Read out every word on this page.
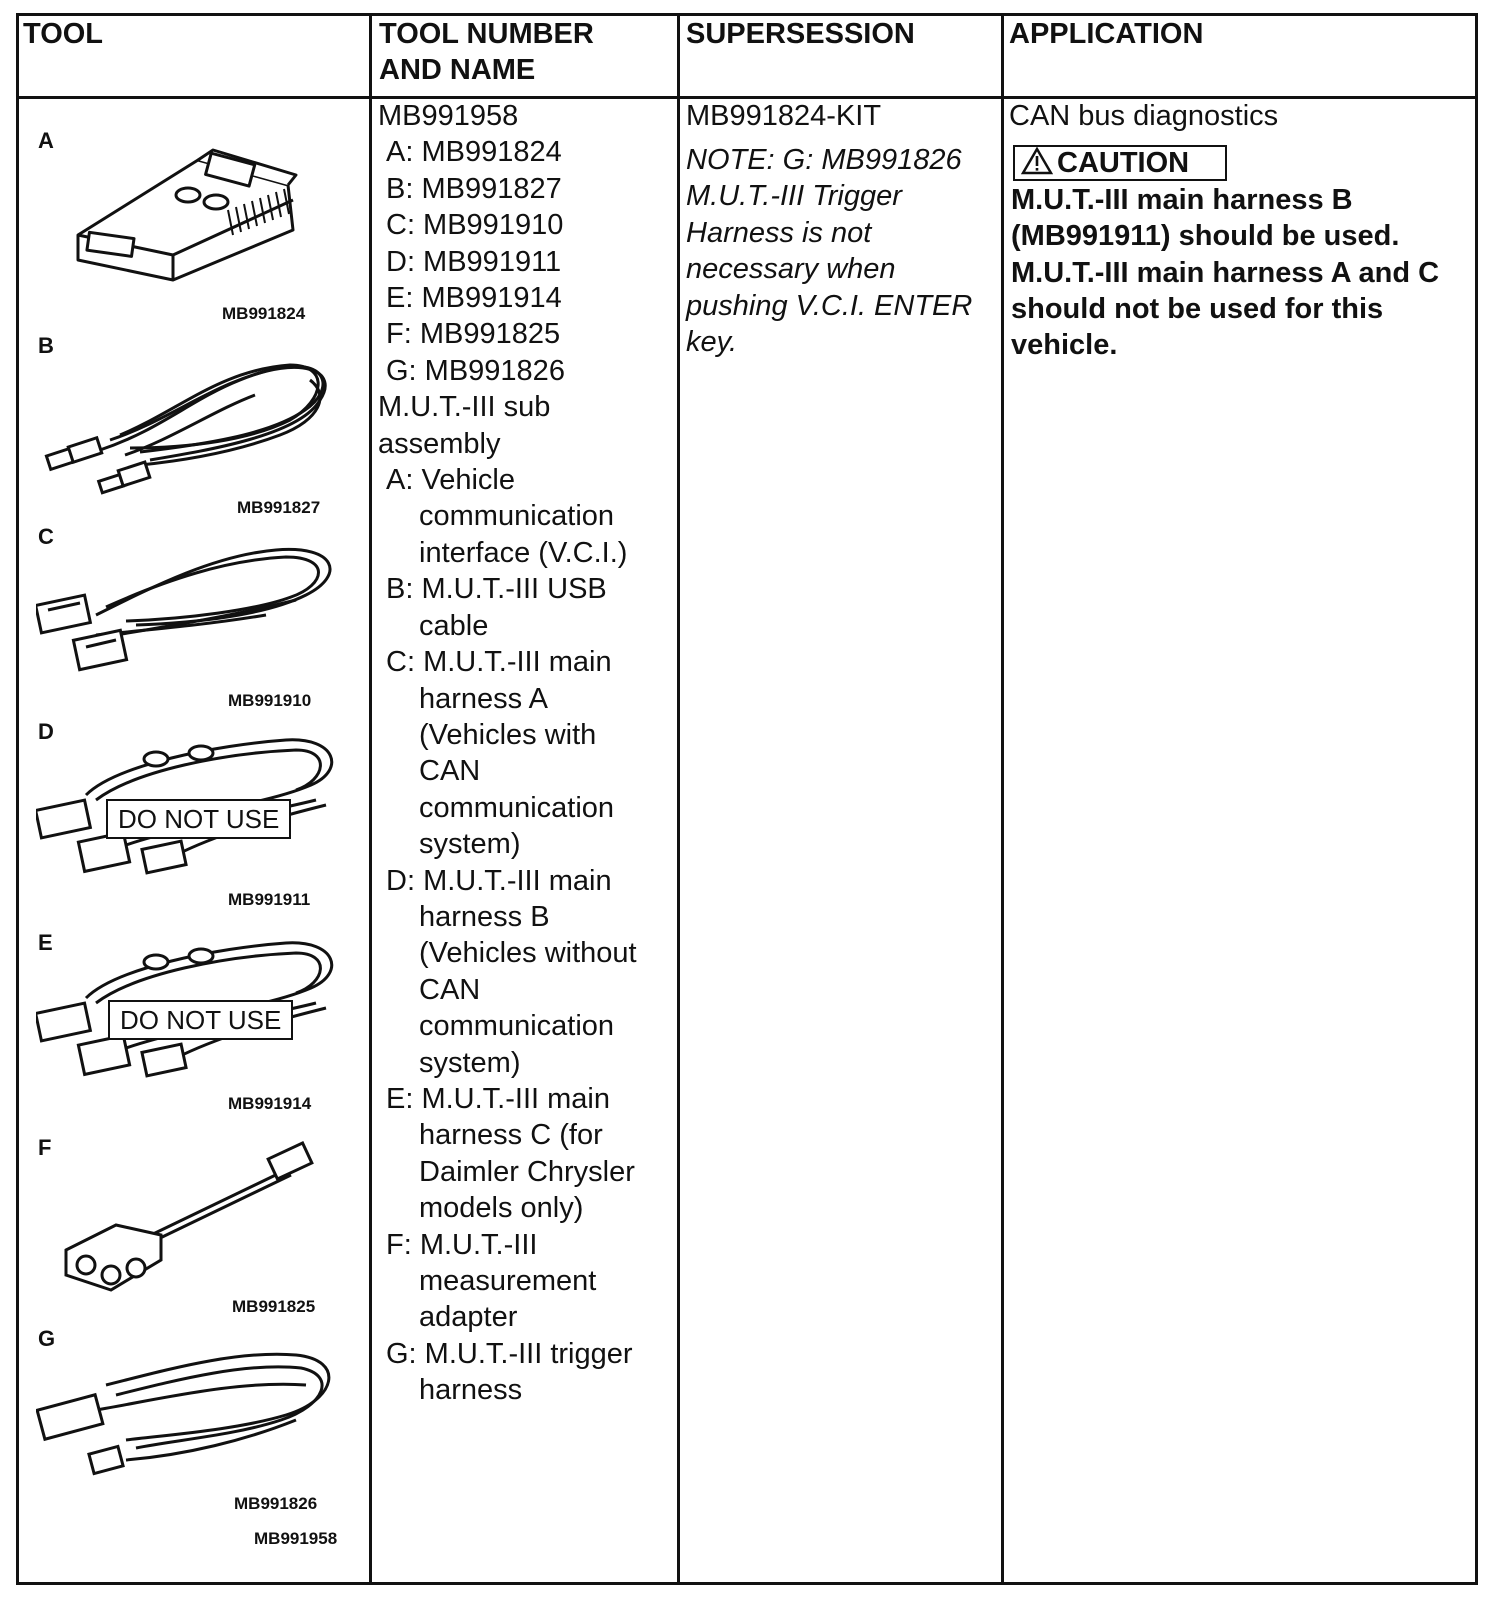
TOOL	TOOL NUMBER
AND NAME
SUPERSESSION	APPLICATION
MB991958
A: MB991824
B: MB991827
C: MB991910
D: MB991911
E: MB991914
F: MB991825
G: MB991826
M.U.T.-III sub
assembly
A: Vehicle
communication
interface (V.C.I.)
B: M.U.T.-III USB
cable
C: M.U.T.-III main
harness A
(Vehicles with
CAN
communication
system)
D: M.U.T.-III main
harness B
(Vehicles without
CAN
communication
system)
E: M.U.T.-III main
harness C (for
Daimler Chrysler
models only)
F: M.U.T.-III
measurement
adapter
G: M.U.T.-III trigger
harness
MB991824-KIT
NOTE: G: MB991826
M.U.T.-III Trigger
Harness is not
necessary when
pushing V.C.I. ENTER
key.
CAN bus diagnostics
CAUTION
M.U.T.-III main harness B
(MB991911) should be used.
M.U.T.-III main harness A and C
should not be used for this
vehicle.
A
B
C
D
E
F
G
MB991824
MB991827
MB991910
MB991911
MB991914
MB991825
MB991826
MB991958
DO NOT USE
DO NOT USE
